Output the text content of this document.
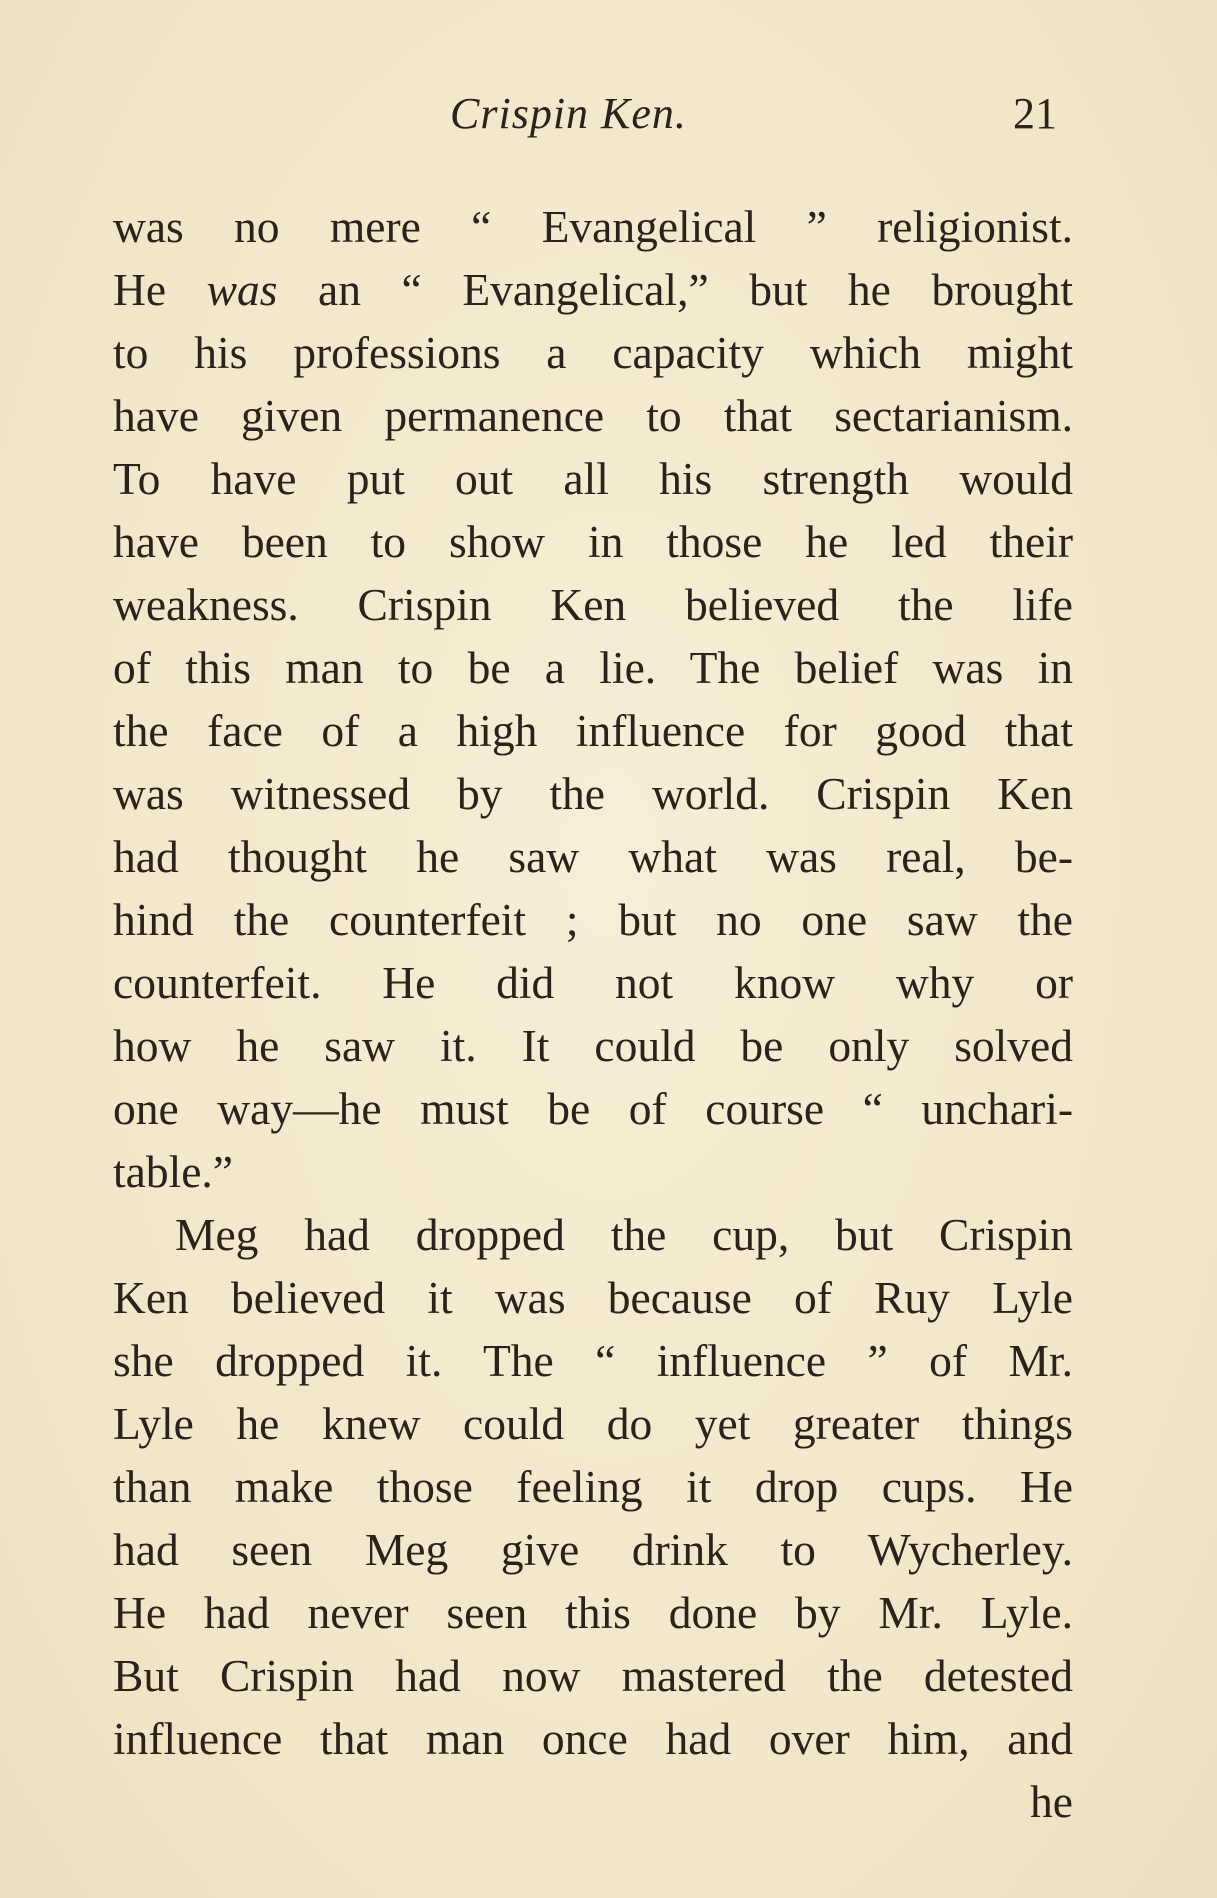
Crispin Ken.	21
was no mere “ Evangelical ” religionist.
He was an “ Evangelical,” but he brought
to his professions a capacity which might
have given permanence to that sectarianism.
To have put out all his strength would
have been to show in those he led their
weakness. Crispin Ken believed the life
of this man to be a lie. The belief was in
the face of a high influence for good that
was witnessed by the world. Crispin Ken
had thought he saw what was real, be-
hind the counterfeit ; but no one saw the
counterfeit. He did not know why or
how he saw it. It could be only solved
one way—he must be of course “ unchari-
table.”
Meg had dropped the cup, but Crispin
Ken believed it was because of Ruy Lyle
she dropped it. The “ influence ” of Mr.
Lyle he knew could do yet greater things
than make those feeling it drop cups. He
had seen Meg give drink to Wycherley.
He had never seen this done by Mr. Lyle.
But Crispin had now mastered the detested
influence that man once had over him, and
he
